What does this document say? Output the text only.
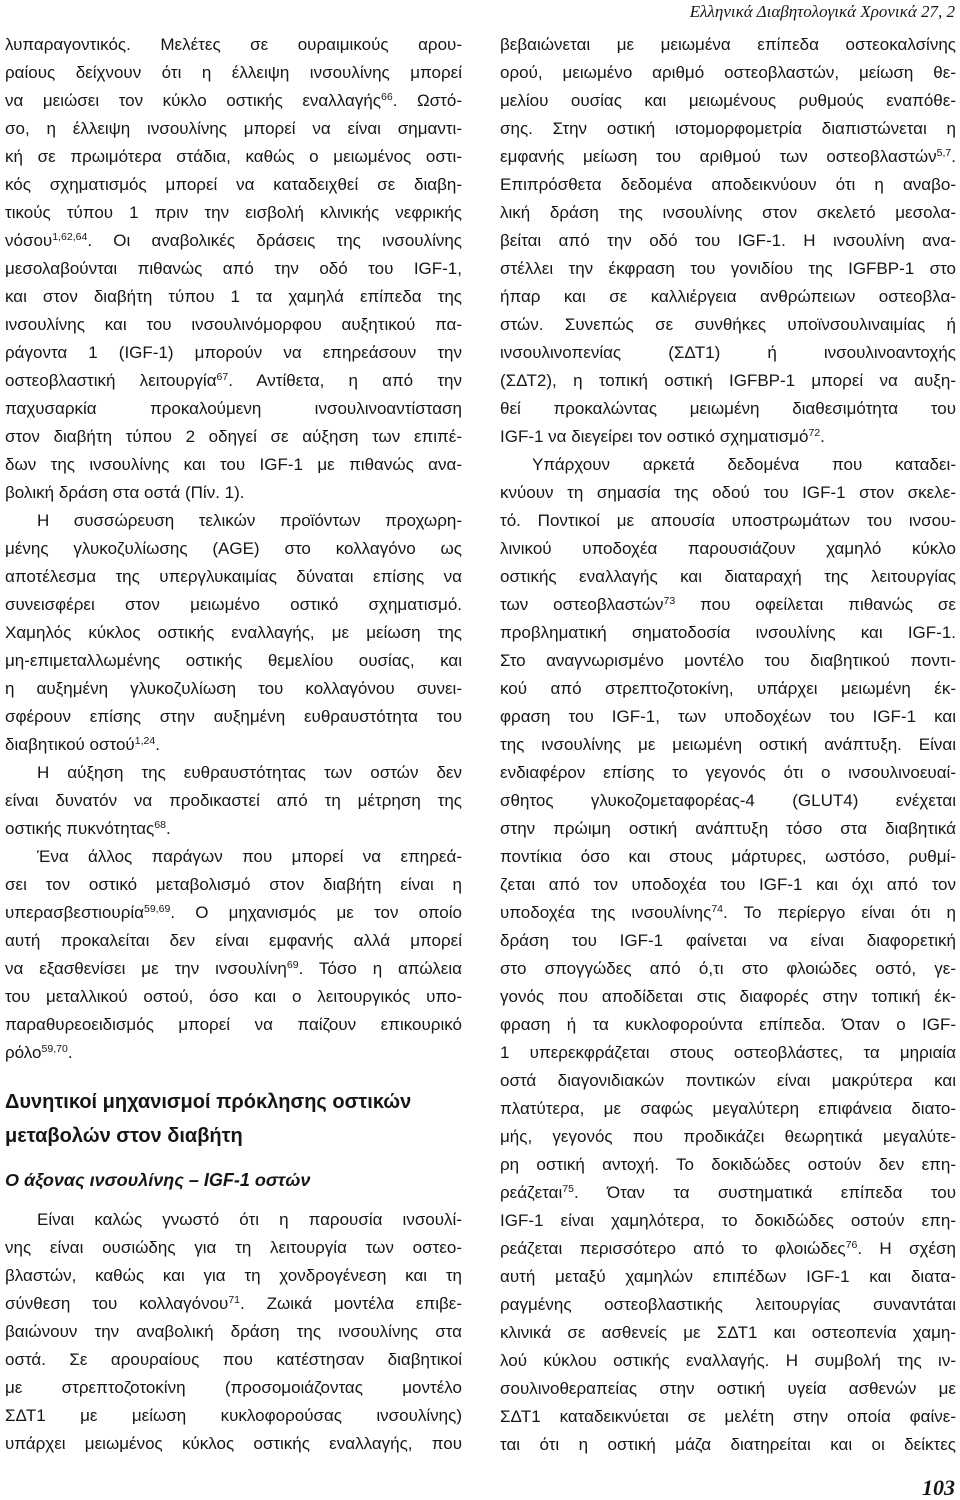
Ελληνικά Διαβητολογικά Χρονικά 27, 2
λυπαραγοντικός. Μελέτες σε ουραιμικούς αρου-
ραίους δείχνουν ότι η έλλειψη ινσουλίνης μπορεί
να μειώσει τον κύκλο οστικής εναλλαγής$^{66}$. Ωστό-
σο, η έλλειψη ινσουλίνης μπορεί να είναι σημαντι-
κή σε πρωιμότερα στάδια, καθώς ο μειωμένος οστι-
κός σχηματισμός μπορεί να καταδειχθεί σε διαβη-
τικούς τύπου 1 πριν την εισβολή κλινικής νεφρικής
νόσου$^{1,62,64}$. Οι αναβολικές δράσεις της ινσουλίνης
μεσολαβούνται πιθανώς από την οδό του IGF-1,
και στον διαβήτη τύπου 1 τα χαμηλά επίπεδα της
ινσουλίνης και του ινσουλινόμορφου αυξητικού πα-
ράγοντα 1 (IGF-1) μπορούν να επηρεάσουν την
οστεοβλαστική λειτουργία$^{67}$. Αντίθετα, η από την
παχυσαρκία προκαλούμενη ινσουλινοαντίσταση
στον διαβήτη τύπου 2 οδηγεί σε αύξηση των επιπέ-
δων της ινσουλίνης και του IGF-1 με πιθανώς ανα-
βολική δράση στα οστά (Πίν. 1).
Η συσσώρευση τελικών προϊόντων προχωρη-
μένης γλυκοζυλίωσης (AGE) στο κολλαγόνο ως
αποτέλεσμα της υπεργλυκαιμίας δύναται επίσης να
συνεισφέρει στον μειωμένο οστικό σχηματισμό.
Χαμηλός κύκλος οστικής εναλλαγής, με μείωση της
μη-επιμεταλλωμένης οστικής θεμελίου ουσίας, και
η αυξημένη γλυκοζυλίωση του κολλαγόνου συνει-
σφέρουν επίσης στην αυξημένη ευθραυστότητα του
διαβητικού οστού$^{1,24}$.
Η αύξηση της ευθραυστότητας των οστών δεν
είναι δυνατόν να προδικαστεί από τη μέτρηση της
οστικής πυκνότητας$^{68}$.
Ένα άλλος παράγων που μπορεί να επηρεά-
σει τον οστικό μεταβολισμό στον διαβήτη είναι η
υπερασβεστιουρία$^{59,69}$. Ο μηχανισμός με τον οποίο
αυτή προκαλείται δεν είναι εμφανής αλλά μπορεί
να εξασθενίσει με την ινσουλίνη$^{69}$. Τόσο η απώλεια
του μεταλλικού οστού, όσο και ο λειτουργικός υπο-
παραθυρεοειδισμός μπορεί να παίζουν επικουρικό
ρόλο$^{59,70}$.
Δυνητικοί μηχανισμοί πρόκλησης οστικών
μεταβολών στον διαβήτη
Ο άξονας ινσουλίνης – IGF-1 οστών
Είναι καλώς γνωστό ότι η παρουσία ινσουλί-
νης είναι ουσιώδης για τη λειτουργία των οστεο-
βλαστών, καθώς και για τη χονδρογένεση και τη
σύνθεση του κολλαγόνου$^{71}$. Ζωικά μοντέλα επιβε-
βαιώνουν την αναβολική δράση της ινσουλίνης στα
οστά. Σε αρουραίους που κατέστησαν διαβητικοί
με στρεπτοζοτοκίνη (προσομοιάζοντας μοντέλο
ΣΔΤ1 με μείωση κυκλοφορούσας ινσουλίνης)
υπάρχει μειωμένος κύκλος οστικής εναλλαγής, που
βεβαιώνεται με μειωμένα επίπεδα οστεοκαλσίνης
ορού, μειωμένο αριθμό οστεοβλαστών, μείωση θε-
μελίου ουσίας και μειωμένους ρυθμούς εναπόθε-
σης. Στην οστική ιστομορφομετρία διαπιστώνεται η
εμφανής μείωση του αριθμού των οστεοβλαστών$^{5,7}$.
Επιπρόσθετα δεδομένα αποδεικνύουν ότι η αναβο-
λική δράση της ινσουλίνης στον σκελετό μεσολα-
βείται από την οδό του IGF-1. Η ινσουλίνη ανα-
στέλλει την έκφραση του γονιδίου της IGFBP-1 στο
ήπαρ και σε καλλιέργεια ανθρώπειων οστεοβλα-
στών. Συνεπώς σε συνθήκες υποϊνσουλιναιμίας ή
ινσουλινοπενίας (ΣΔΤ1) ή ινσουλινοαντοχής
(ΣΔΤ2), η τοπική οστική IGFBP-1 μπορεί να αυξη-
θεί προκαλώντας μειωμένη διαθεσιμότητα του
IGF-1 να διεγείρει τον οστικό σχηματισμό$^{72}$.
Υπάρχουν αρκετά δεδομένα που καταδει-
κνύουν τη σημασία της οδού του IGF-1 στον σκελε-
τό. Ποντικοί με απουσία υποστρωμάτων του ινσου-
λινικού υποδοχέα παρουσιάζουν χαμηλό κύκλο
οστικής εναλλαγής και διαταραχή της λειτουργίας
των οστεοβλαστών$^{73}$ που οφείλεται πιθανώς σε
προβληματική σηματοδοσία ινσουλίνης και IGF-1.
Στο αναγνωρισμένο μοντέλο του διαβητικού ποντι-
κού από στρεπτοζοτοκίνη, υπάρχει μειωμένη έκ-
φραση του IGF-1, των υποδοχέων του IGF-1 και
της ινσουλίνης με μειωμένη οστική ανάπτυξη. Είναι
ενδιαφέρον επίσης το γεγονός ότι ο ινσουλινοευαί-
σθητος γλυκοζομεταφορέας-4 (GLUT4) ενέχεται
στην πρώιμη οστική ανάπτυξη τόσο στα διαβητικά
ποντίκια όσο και στους μάρτυρες, ωστόσο, ρυθμί-
ζεται από τον υποδοχέα του IGF-1 και όχι από τον
υποδοχέα της ινσουλίνης$^{74}$. Το περίεργο είναι ότι η
δράση του IGF-1 φαίνεται να είναι διαφορετική
στο σπογγώδες από ό,τι στο φλοιώδες οστό, γε-
γονός που αποδίδεται στις διαφορές στην τοπική έκ-
φραση ή τα κυκλοφορούντα επίπεδα. Όταν ο IGF-
1 υπερεκφράζεται στους οστεοβλάστες, τα μηριαία
οστά διαγονιδιακών ποντικών είναι μακρύτερα και
πλατύτερα, με σαφώς μεγαλύτερη επιφάνεια διατο-
μής, γεγονός που προδικάζει θεωρητικά μεγαλύτε-
ρη οστική αντοχή. Το δοκιδώδες οστούν δεν επη-
ρεάζεται$^{75}$. Όταν τα συστηματικά επίπεδα του
IGF-1 είναι χαμηλότερα, το δοκιδώδες οστούν επη-
ρεάζεται περισσότερο από το φλοιώδες$^{76}$. Η σχέση
αυτή μεταξύ χαμηλών επιπέδων IGF-1 και διατα-
ραγμένης οστεοβλαστικής λειτουργίας συναντάται
κλινικά σε ασθενείς με ΣΔΤ1 και οστεοπενία χαμη-
λού κύκλου οστικής εναλλαγής. Η συμβολή της ιν-
σουλινοθεραπείας στην οστική υγεία ασθενών με
ΣΔΤ1 καταδεικνύεται σε μελέτη στην οποία φαίνε-
ται ότι η οστική μάζα διατηρείται και οι δείκτες
103
